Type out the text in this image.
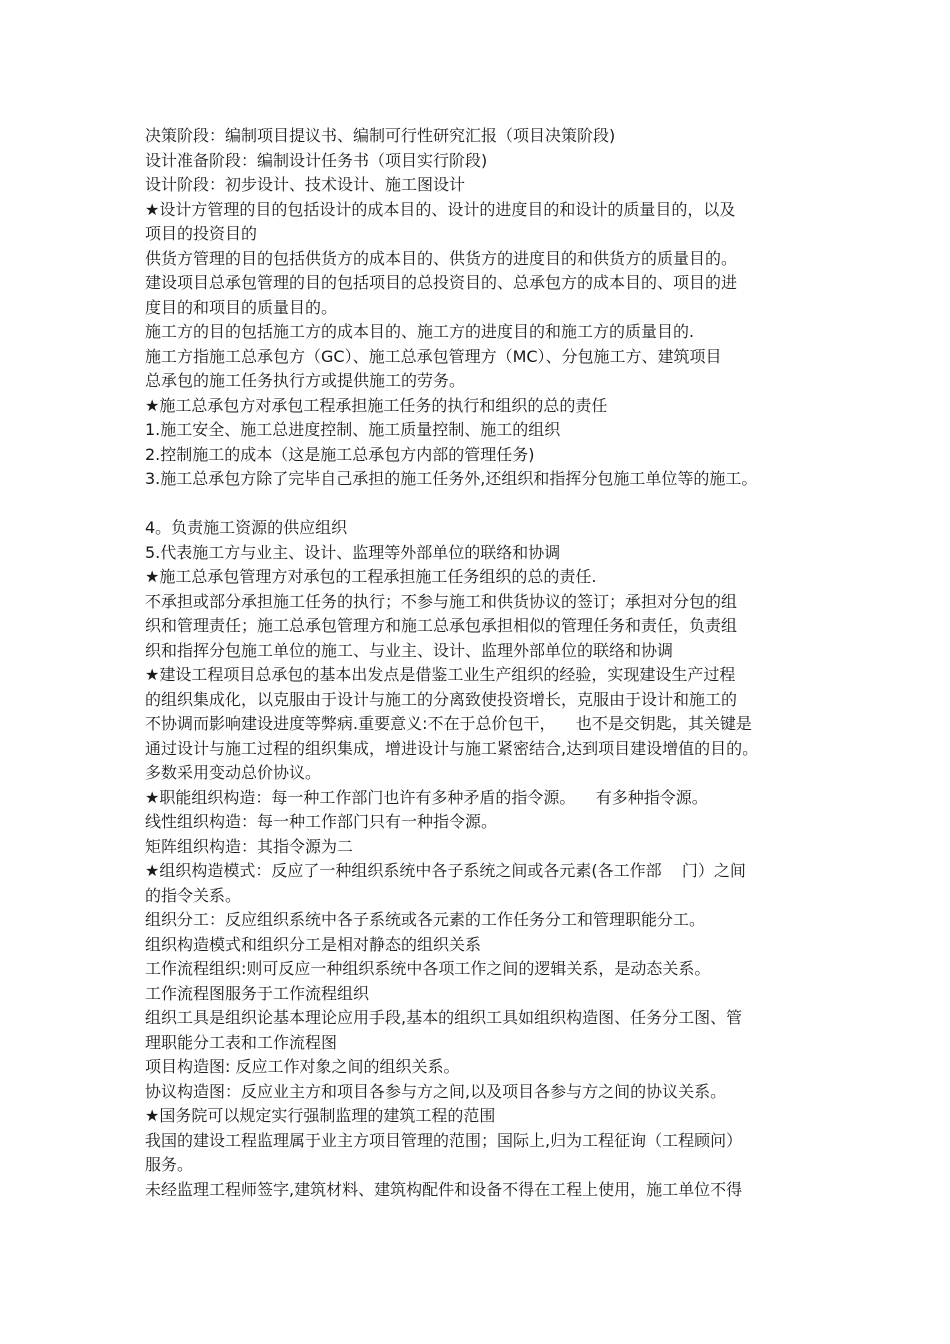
决策阶段：编制项目提议书、编制可行性研究汇报（项目决策阶段)
设计准备阶段：编制设计任务书（项目实行阶段)
设计阶段：初步设计、技术设计、施工图设计
★设计方管理的目的包括设计的成本目的、设计的进度目的和设计的质量目的，以及
项目的投资目的
供货方管理的目的包括供货方的成本目的、供货方的进度目的和供货方的质量目的。
建设项目总承包管理的目的包括项目的总投资目的、总承包方的成本目的、项目的进
度目的和项目的质量目的。
施工方的目的包括施工方的成本目的、施工方的进度目的和施工方的质量目的.
施工方指施工总承包方（GC）、施工总承包管理方（MC）、分包施工方、建筑项目
总承包的施工任务执行方或提供施工的劳务。
★施工总承包方对承包工程承担施工任务的执行和组织的总的责任
1.施工安全、施工总进度控制、施工质量控制、施工的组织
2.控制施工的成本（这是施工总承包方内部的管理任务)
3.施工总承包方除了完毕自己承担的施工任务外,还组织和指挥分包施工单位等的施工。
4。负责施工资源的供应组织
5.代表施工方与业主、设计、监理等外部单位的联络和协调
★施工总承包管理方对承包的工程承担施工任务组织的总的责任.
不承担或部分承担施工任务的执行；不参与施工和供货协议的签订；承担对分包的组
织和管理责任；施工总承包管理方和施工总承包承担相似的管理任务和责任，负责组
织和指挥分包施工单位的施工、与业主、设计、监理外部单位的联络和协调
★建设工程项目总承包的基本出发点是借鉴工业生产组织的经验，实现建设生产过程
的组织集成化，以克服由于设计与施工的分离致使投资增长，克服由于设计和施工的
不协调而影响建设进度等弊病.重要意义:不在于总价包干，    也不是交钥匙，其关键是
通过设计与施工过程的组织集成，增进设计与施工紧密结合,达到项目建设增值的目的。
多数采用变动总价协议。
★职能组织构造：每一种工作部门也许有多种矛盾的指令源。    有多种指令源。
线性组织构造：每一种工作部门只有一种指令源。
矩阵组织构造：其指令源为二
★组织构造模式：反应了一种组织系统中各子系统之间或各元素(各工作部    门）之间
的指令关系。
组织分工：反应组织系统中各子系统或各元素的工作任务分工和管理职能分工。
组织构造模式和组织分工是相对静态的组织关系
工作流程组织:则可反应一种组织系统中各项工作之间的逻辑关系，是动态关系。
工作流程图服务于工作流程组织
组织工具是组织论基本理论应用手段,基本的组织工具如组织构造图、任务分工图、管
理职能分工表和工作流程图
项目构造图: 反应工作对象之间的组织关系。
协议构造图：反应业主方和项目各参与方之间,以及项目各参与方之间的协议关系。
★国务院可以规定实行强制监理的建筑工程的范围
我国的建设工程监理属于业主方项目管理的范围；国际上,归为工程征询（工程顾问）
服务。
未经监理工程师签字,建筑材料、建筑构配件和设备不得在工程上使用，施工单位不得
